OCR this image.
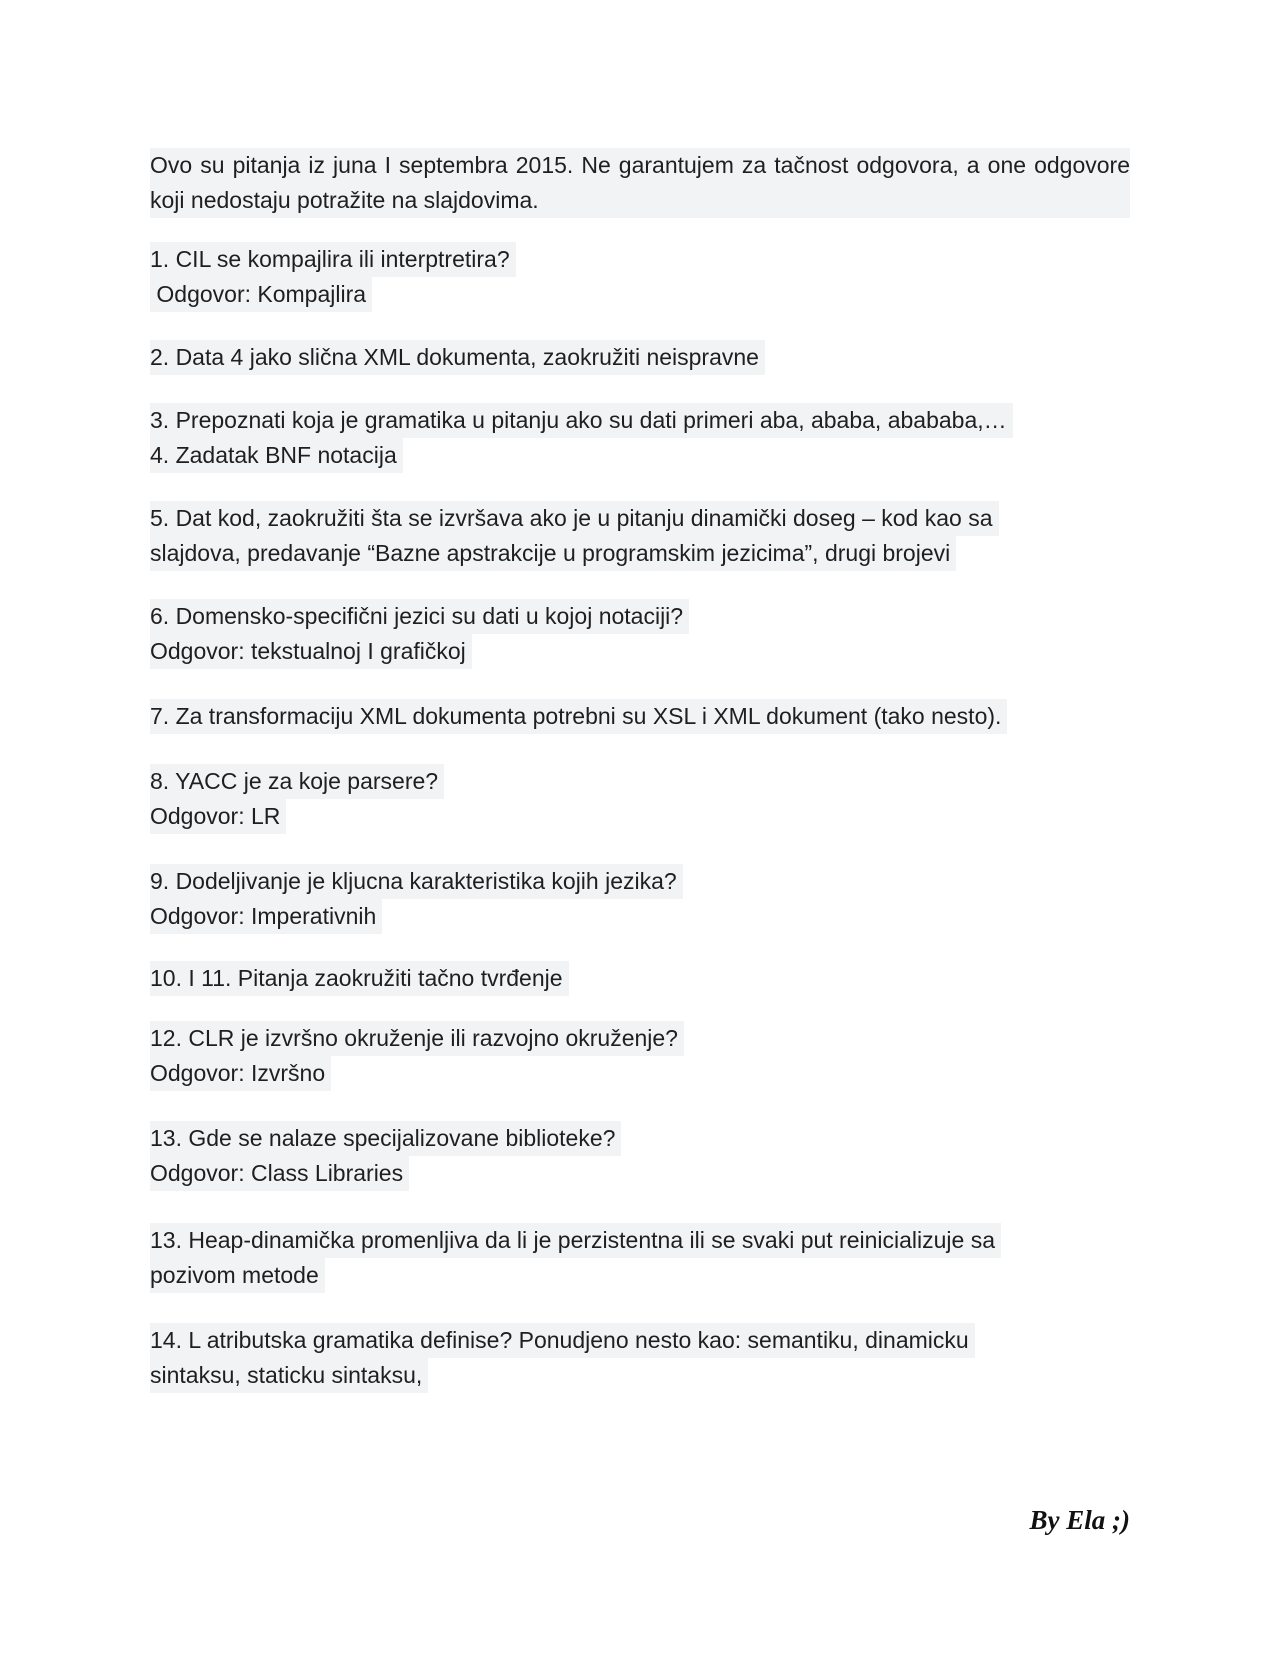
Ovo su pitanja iz juna I septembra 2015. Ne garantujem za tačnost odgovora, a one odgovore koji nedostaju potražite na slajdovima.
1. CIL se kompajlira ili interptretira?
Odgovor: Kompajlira
2. Data 4 jako slična XML dokumenta, zaokružiti neispravne
3. Prepoznati koja je gramatika u pitanju ako su dati primeri aba, ababa, abababa,…
4. Zadatak BNF notacija
5. Dat kod, zaokružiti šta se izvršava ako je u pitanju dinamički doseg – kod kao sa
slajdova, predavanje “Bazne apstrakcije u programskim jezicima”, drugi brojevi
6. Domensko-specifični jezici su dati u kojoj notaciji?
Odgovor: tekstualnoj I grafičkoj
7. Za transformaciju XML dokumenta potrebni su XSL i XML dokument (tako nesto).
8. YACC je za koje parsere?
Odgovor: LR
9. Dodeljivanje je kljucna karakteristika kojih jezika?
Odgovor: Imperativnih
10. I 11. Pitanja zaokružiti tačno tvrđenje
12. CLR je izvršno okruženje ili razvojno okruženje?
Odgovor: Izvršno
13. Gde se nalaze specijalizovane biblioteke?
Odgovor: Class Libraries
13. Heap-dinamička promenljiva da li je perzistentna ili se svaki put reinicializuje sa
pozivom metode
14. L atributska gramatika definise? Ponudjeno nesto kao: semantiku, dinamicku
sintaksu, staticku sintaksu,
By Ela ;)
